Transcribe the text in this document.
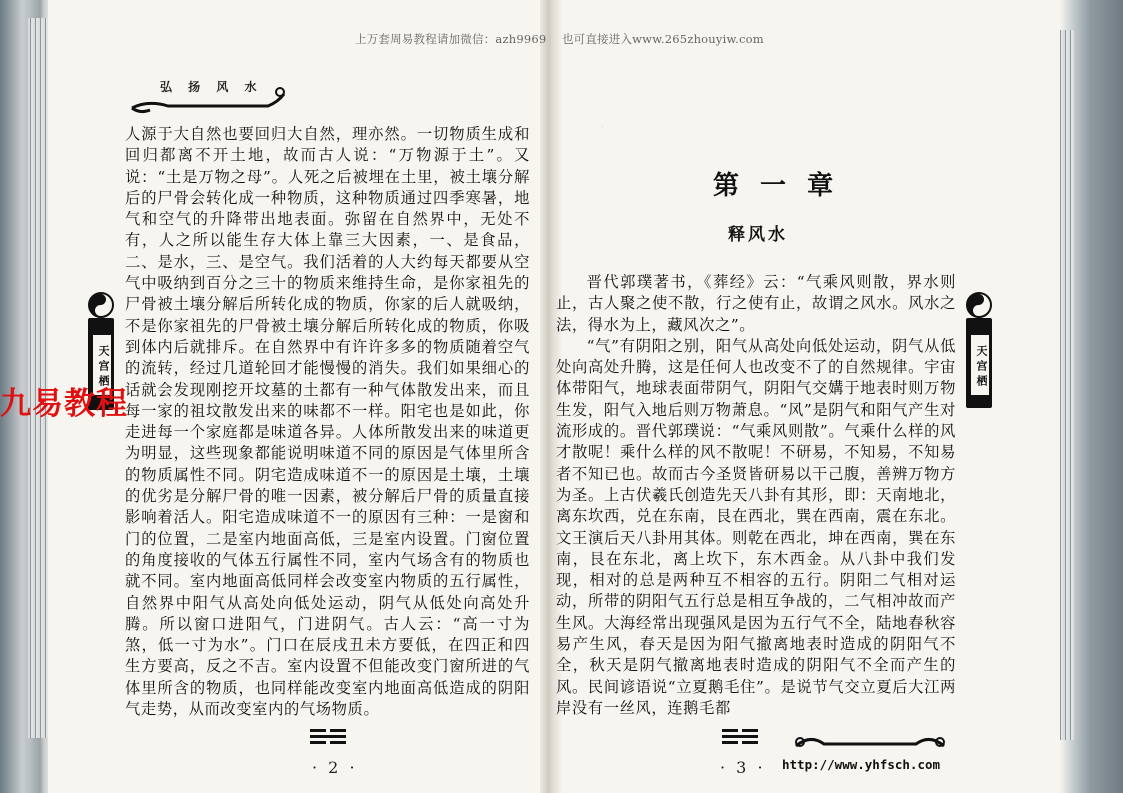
上万套周易教程请加微信：azh9969　 也可直接进入www.265zhouyiw.com
弘 扬 风 水
·

人源于大自然也要回归大自然，理亦然。一切物质生成和回归都离不开土地，故而古人说：“万物源于土”。又说：“土是万物之母”。人死之后被埋在土里，被土壤分解后的尸骨会转化成一种物质，这种物质通过四季寒暑，地气和空气的升降带出地表面。弥留在自然界中，无处不有，人之所以能生存大体上靠三大因素，一、是食品，二、是水，三、是空气。我们活着的人大约每天都要从空气中吸纳到百分之三十的物质来维持生命，是你家祖先的尸骨被土壤分解后所转化成的物质，你家的后人就吸纳，不是你家祖先的尸骨被土壤分解后所转化成的物质，你吸到体内后就排斥。在自然界中有许许多多的物质随着空气的流转，经过几道轮回才能慢慢的消失。我们如果细心的话就会发现刚挖开坟墓的土都有一种气体散发出来，而且每一家的祖坟散发出来的味都不一样。阳宅也是如此，你走进每一个家庭都是味道各异。人体所散发出来的味道更为明显，这些现象都能说明味道不同的原因是气体里所含的物质属性不同。阴宅造成味道不一的原因是土壤，土壤的优劣是分解尸骨的唯一因素，被分解后尸骨的质量直接影响着活人。阳宅造成味道不一的原因有三种：一是窗和门的位置，二是室内地面高低，三是室内设置。门窗位置的角度接收的气体五行属性不同，室内气场含有的物质也就不同。室内地面高低同样会改变室内物质的五行属性，自然界中阳气从高处向低处运动，阴气从低处向高处升腾。所以窗口进阳气，门进阴气。古人云：“高一寸为煞，低一寸为水”。门口在辰戌丑未方要低，在四正和四生方要高，反之不吉。室内设置不但能改变门窗所进的气体里所含的物质，也同样能改变室内地面高低造成的阴阳气走势，从而改变室内的气场物质。

天 宫 栖
九易教程
· 2 ·
第 一 章
释风水

晋代郭璞著书，《葬经》云：“气乘风则散，界水则止，古人聚之使不散，行之使有止，故谓之风水。风水之法，得水为上，藏风次之”。

“气”有阴阳之别，阳气从高处向低处运动，阴气从低处向高处升腾，这是任何人也改变不了的自然规律。宇宙体带阳气，地球表面带阴气，阴阳气交媾于地表时则万物生发，阳气入地后则万物萧息。“风”是阴气和阳气产生对流形成的。晋代郭璞说：“气乘风则散”。气乘什么样的风才散呢！乘什么样的风不散呢！不研易，不知易，不知易者不知已也。故而古今圣贤皆研易以干己腹，善辨万物方为圣。上古伏羲氏创造先天八卦有其形，即：天南地北，离东坎西，兑在东南，艮在西北，巽在西南，震在东北。文王演后天八卦用其体。则乾在西北，坤在西南，巽在东南，艮在东北，离上坎下，东木西金。从八卦中我们发现，相对的总是两种互不相容的五行。阴阳二气相对运动，所带的阴阳气五行总是相互争战的，二气相冲故而产生风。大海经常出现强风是因为五行气不全，陆地春秋容易产生风，春天是因为阳气撤离地表时造成的阴阳气不全，秋天是阴气撤离地表时造成的阴阳气不全而产生的风。民间谚语说“立夏鹅毛住”。是说节气交立夏后大江两岸没有一丝风，连鹅毛都

天 宫 栖
· 3 · http://www.yhfsch.com
